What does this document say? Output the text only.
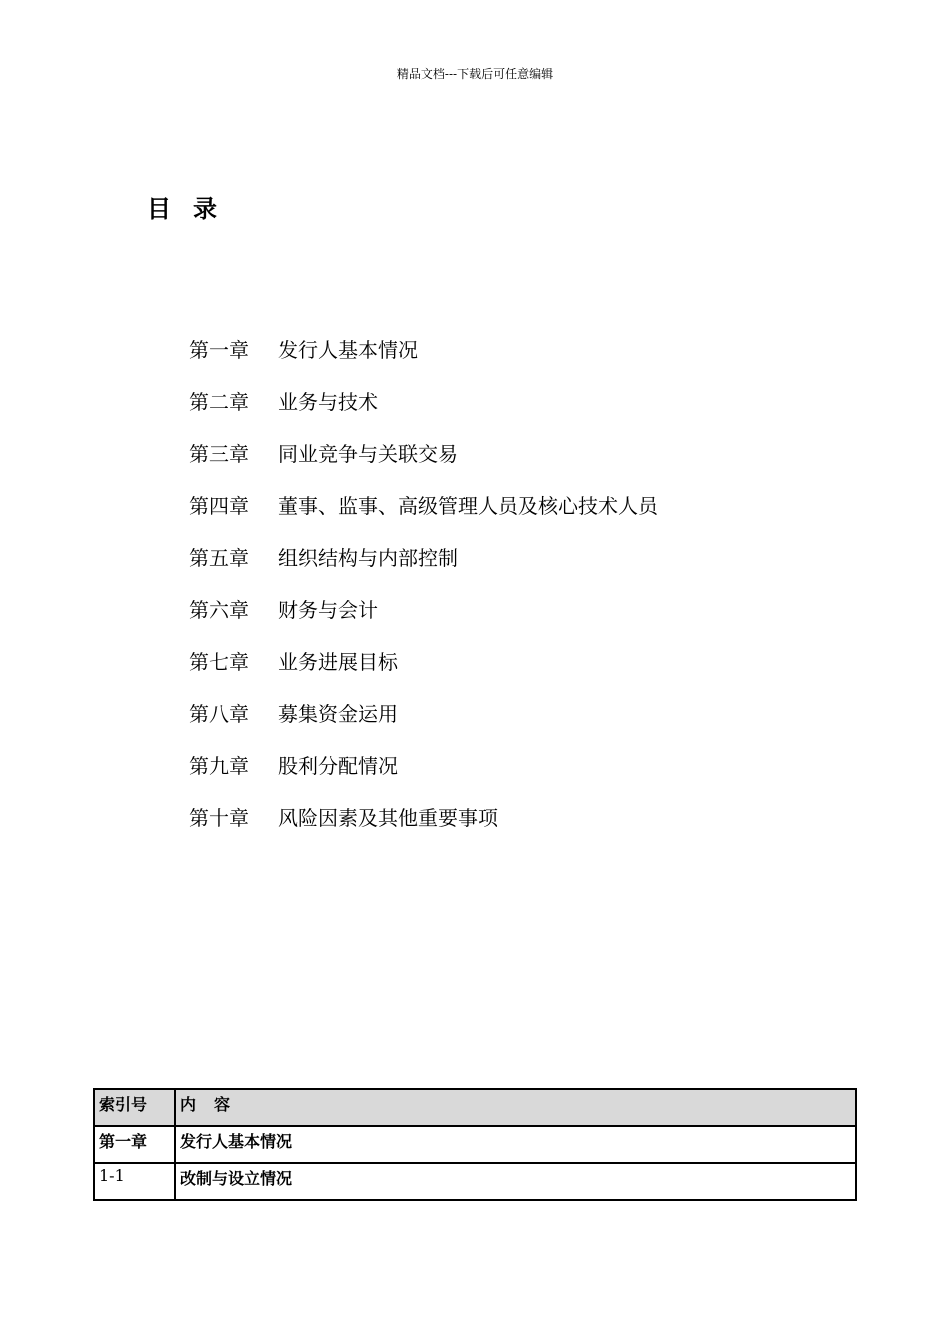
精品文档---下载后可任意编辑
目 录
第一章	发行人基本情况
第二章	业务与技术
第三章	同业竞争与关联交易
第四章	董事、监事、高级管理人员及核心技术人员
第五章	组织结构与内部控制
第六章	财务与会计
第七章	业务进展目标
第八章	募集资金运用
第九章	股利分配情况
第十章	风险因素及其他重要事项
索引号	内 容
第一章	发行人基本情况
1-1	改制与设立情况
